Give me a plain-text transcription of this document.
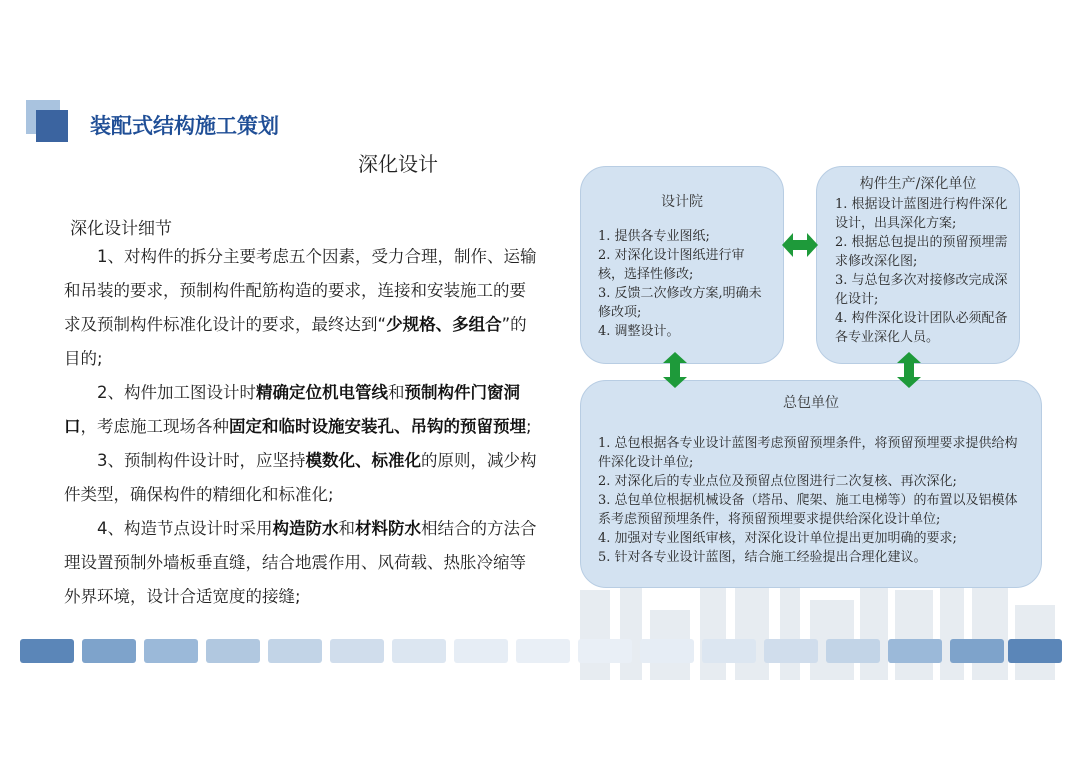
装配式结构施工策划
深化设计
深化设计细节

1、对构件的拆分主要考虑五个因素，受力合理，制作、运输和吊装的要求，预制构件配筋构造的要求，连接和安装施工的要求及预制构件标准化设计的要求，最终达到“少规格、多组合”的目的;

2、构件加工图设计时精确定位机电管线和预制构件门窗洞口，考虑施工现场各种固定和临时设施安装孔、吊钩的预留预埋;

3、预制构件设计时，应坚持模数化、标准化的原则，减少构件类型，确保构件的精细化和标准化;

4、构造节点设计时采用构造防水和材料防水相结合的方法合理设置预制外墙板垂直缝，结合地震作用、风荷载、热胀冷缩等外界环境，设计合适宽度的接缝;

设计院
1. 提供各专业图纸;
2. 对深化设计图纸进行审核，选择性修改;
3. 反馈二次修改方案,明确未修改项;
4. 调整设计。
构件生产/深化单位
1. 根据设计蓝图进行构件深化设计，出具深化方案;
2. 根据总包提出的预留预埋需求修改深化图;
3. 与总包多次对接修改完成深化设计;
4. 构件深化设计团队必须配备各专业深化人员。
总包单位
1. 总包根据各专业设计蓝图考虑预留预埋条件，将预留预埋要求提供给构件深化设计单位;
2. 对深化后的专业点位及预留点位图进行二次复核、再次深化;
3. 总包单位根据机械设备（塔吊、爬架、施工电梯等）的布置以及铝模体系考虑预留预埋条件，将预留预埋要求提供给深化设计单位;
4. 加强对专业图纸审核，对深化设计单位提出更加明确的要求;
5. 针对各专业设计蓝图，结合施工经验提出合理化建议。
